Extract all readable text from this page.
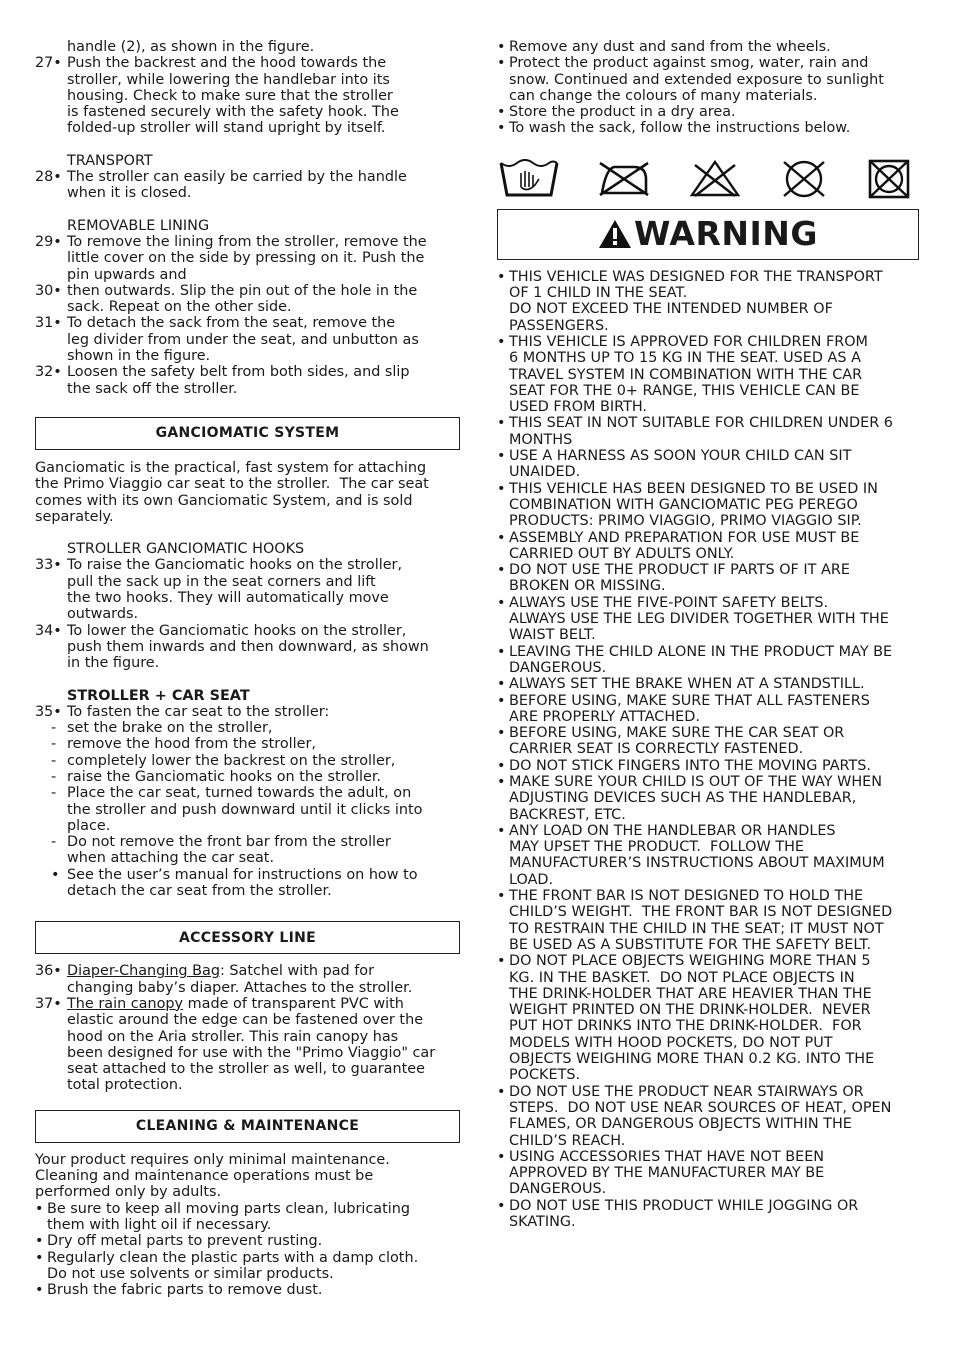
handle (2), as shown in the figure.
27• Push the backrest and the hood towards the
stroller, while lowering the handlebar into its
housing. Check to make sure that the stroller
is fastened securely with the safety hook. The
folded-up stroller will stand upright by itself.
TRANSPORT
28• The stroller can easily be carried by the handle
when it is closed.
REMOVABLE LINING
29• To remove the lining from the stroller, remove the
little cover on the side by pressing on it. Push the
pin upwards and
30• then outwards. Slip the pin out of the hole in the
sack. Repeat on the other side.
31• To detach the sack from the seat, remove the
leg divider from under the seat, and unbutton as
shown in the figure.
32• Loosen the safety belt from both sides, and slip
the sack off the stroller.
GANCIOMATIC SYSTEM
Ganciomatic is the practical, fast system for attaching
the Primo Viaggio car seat to the stroller.  The car seat
comes with its own Ganciomatic System, and is sold
separately.
STROLLER GANCIOMATIC HOOKS
33• To raise the Ganciomatic hooks on the stroller,
pull the sack up in the seat corners and lift
the two hooks. They will automatically move
outwards.
34• To lower the Ganciomatic hooks on the stroller,
push them inwards and then downward, as shown
in the figure.
STROLLER + CAR SEAT
35• To fasten the car seat to the stroller:
- set the brake on the stroller,
- remove the hood from the stroller,
- completely lower the backrest on the stroller,
- raise the Ganciomatic hooks on the stroller.
- Place the car seat, turned towards the adult, on
the stroller and push downward until it clicks into
place.
- Do not remove the front bar from the stroller
when attaching the car seat.
• See the user’s manual for instructions on how to
detach the car seat from the stroller.
ACCESSORY LINE
36• Diaper-Changing Bag: Satchel with pad for
changing baby’s diaper. Attaches to the stroller.
37• The rain canopy made of transparent PVC with
elastic around the edge can be fastened over the
hood on the Aria stroller. This rain canopy has
been designed for use with the "Primo Viaggio" car
seat attached to the stroller as well, to guarantee
total protection.
CLEANING & MAINTENANCE
Your product requires only minimal maintenance.
Cleaning and maintenance operations must be
performed only by adults.
• Be sure to keep all moving parts clean, lubricating
them with light oil if necessary.
• Dry off metal parts to prevent rusting.
• Regularly clean the plastic parts with a damp cloth.
Do not use solvents or similar products.
• Brush the fabric parts to remove dust.
• Remove any dust and sand from the wheels.
• Protect the product against smog, water, rain and
snow. Continued and extended exposure to sunlight
can change the colours of many materials.
• Store the product in a dry area.
• To wash the sack, follow the instructions below.
WARNING
• THIS VEHICLE WAS DESIGNED FOR THE TRANSPORT
OF 1 CHILD IN THE SEAT.
DO NOT EXCEED THE INTENDED NUMBER OF
PASSENGERS.
• THIS VEHICLE IS APPROVED FOR CHILDREN FROM
6 MONTHS UP TO 15 KG IN THE SEAT. USED AS A
TRAVEL SYSTEM IN COMBINATION WITH THE CAR
SEAT FOR THE 0+ RANGE, THIS VEHICLE CAN BE
USED FROM BIRTH.
• THIS SEAT IN NOT SUITABLE FOR CHILDREN UNDER 6
MONTHS
• USE A HARNESS AS SOON YOUR CHILD CAN SIT
UNAIDED.
• THIS VEHICLE HAS BEEN DESIGNED TO BE USED IN
COMBINATION WITH GANCIOMATIC PEG PEREGO
PRODUCTS: PRIMO VIAGGIO, PRIMO VIAGGIO SIP.
• ASSEMBLY AND PREPARATION FOR USE MUST BE
CARRIED OUT BY ADULTS ONLY.
• DO NOT USE THE PRODUCT IF PARTS OF IT ARE
BROKEN OR MISSING.
• ALWAYS USE THE FIVE-POINT SAFETY BELTS.
ALWAYS USE THE LEG DIVIDER TOGETHER WITH THE
WAIST BELT.
• LEAVING THE CHILD ALONE IN THE PRODUCT MAY BE
DANGEROUS.
• ALWAYS SET THE BRAKE WHEN AT A STANDSTILL.
• BEFORE USING, MAKE SURE THAT ALL FASTENERS
ARE PROPERLY ATTACHED.
• BEFORE USING, MAKE SURE THE CAR SEAT OR
CARRIER SEAT IS CORRECTLY FASTENED.
• DO NOT STICK FINGERS INTO THE MOVING PARTS.
• MAKE SURE YOUR CHILD IS OUT OF THE WAY WHEN
ADJUSTING DEVICES SUCH AS THE HANDLEBAR,
BACKREST, ETC.
• ANY LOAD ON THE HANDLEBAR OR HANDLES
MAY UPSET THE PRODUCT.  FOLLOW THE
MANUFACTURER’S INSTRUCTIONS ABOUT MAXIMUM
LOAD.
• THE FRONT BAR IS NOT DESIGNED TO HOLD THE
CHILD’S WEIGHT.  THE FRONT BAR IS NOT DESIGNED
TO RESTRAIN THE CHILD IN THE SEAT; IT MUST NOT
BE USED AS A SUBSTITUTE FOR THE SAFETY BELT.
• DO NOT PLACE OBJECTS WEIGHING MORE THAN 5
KG. IN THE BASKET.  DO NOT PLACE OBJECTS IN
THE DRINK-HOLDER THAT ARE HEAVIER THAN THE
WEIGHT PRINTED ON THE DRINK-HOLDER.  NEVER
PUT HOT DRINKS INTO THE DRINK-HOLDER.  FOR
MODELS WITH HOOD POCKETS, DO NOT PUT
OBJECTS WEIGHING MORE THAN 0.2 KG. INTO THE
POCKETS.
• DO NOT USE THE PRODUCT NEAR STAIRWAYS OR
STEPS.  DO NOT USE NEAR SOURCES OF HEAT, OPEN
FLAMES, OR DANGEROUS OBJECTS WITHIN THE
CHILD’S REACH.
• USING ACCESSORIES THAT HAVE NOT BEEN
APPROVED BY THE MANUFACTURER MAY BE
DANGEROUS.
• DO NOT USE THIS PRODUCT WHILE JOGGING OR
SKATING.
